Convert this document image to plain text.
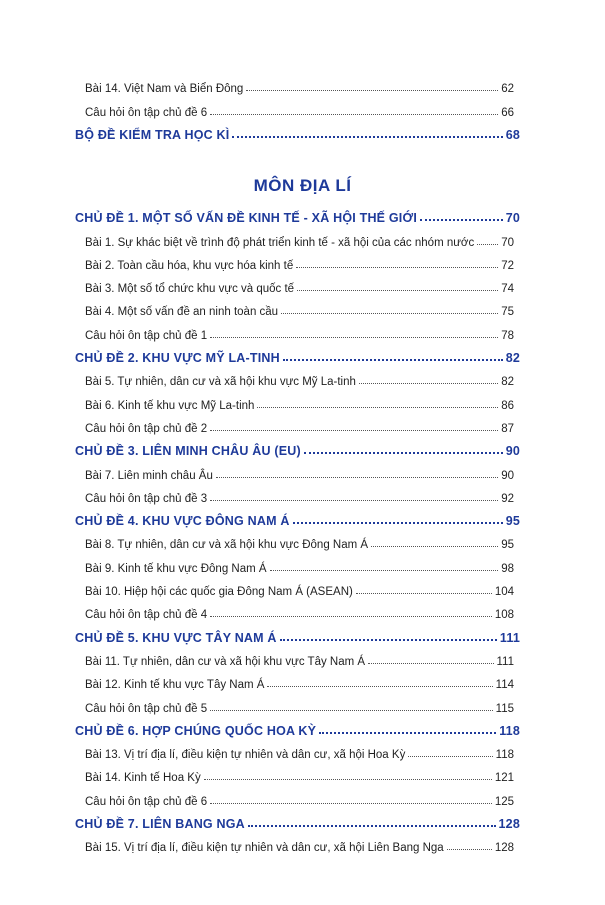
Bài 14. Việt Nam và Biển Đông	62
Câu hỏi ôn tập chủ đề 6	66
BỘ ĐỀ KIỂM TRA HỌC KÌ	68
MÔN ĐỊA LÍ
CHỦ ĐỀ 1. MỘT SỐ VẤN ĐỀ KINH TẾ - XÃ HỘI THẾ GIỚI	70
Bài 1. Sự khác biệt về trình độ phát triển kinh tế - xã hội của các nhóm nước 70
Bài 2. Toàn cầu hóa, khu vực hóa kinh tế	72
Bài 3. Một số tổ chức khu vực và quốc tế	74
Bài 4. Một số vấn đề an ninh toàn cầu	75
Câu hỏi ôn tập chủ đề 1	78
CHỦ ĐỀ 2. KHU VỰC MỸ LA-TINH	82
Bài 5. Tự nhiên, dân cư và xã hội khu vực Mỹ La-tinh	82
Bài 6. Kinh tế khu vực Mỹ La-tinh	86
Câu hỏi ôn tập chủ đề 2	87
CHỦ ĐỀ 3. LIÊN MINH CHÂU ÂU (EU)	90
Bài 7. Liên minh châu Âu	90
Câu hỏi ôn tập chủ đề 3	92
CHỦ ĐỀ 4. KHU VỰC ĐÔNG NAM Á	95
Bài 8. Tự nhiên, dân cư và xã hội khu vực Đông Nam Á	95
Bài 9. Kinh tế khu vực Đông Nam Á	98
Bài 10. Hiệp hội các quốc gia Đông Nam Á (ASEAN)	104
Câu hỏi ôn tập chủ đề 4	108
CHỦ ĐỀ 5. KHU VỰC TÂY NAM Á	111
Bài 11. Tự nhiên, dân cư và xã hội khu vực Tây Nam Á	111
Bài 12. Kinh tế khu vực Tây Nam Á	114
Câu hỏi ôn tập chủ đề 5	115
CHỦ ĐỀ 6. HỢP CHÚNG QUỐC HOA KỲ	118
Bài 13. Vị trí địa lí, điều kiện tự nhiên và dân cư, xã hội Hoa Kỳ	118
Bài 14. Kinh tế Hoa Kỳ	121
Câu hỏi ôn tập chủ đề 6	125
CHỦ ĐỀ 7. LIÊN BANG NGA	128
Bài 15. Vị trí địa lí, điều kiện tự nhiên và dân cư, xã hội Liên Bang Nga	128
